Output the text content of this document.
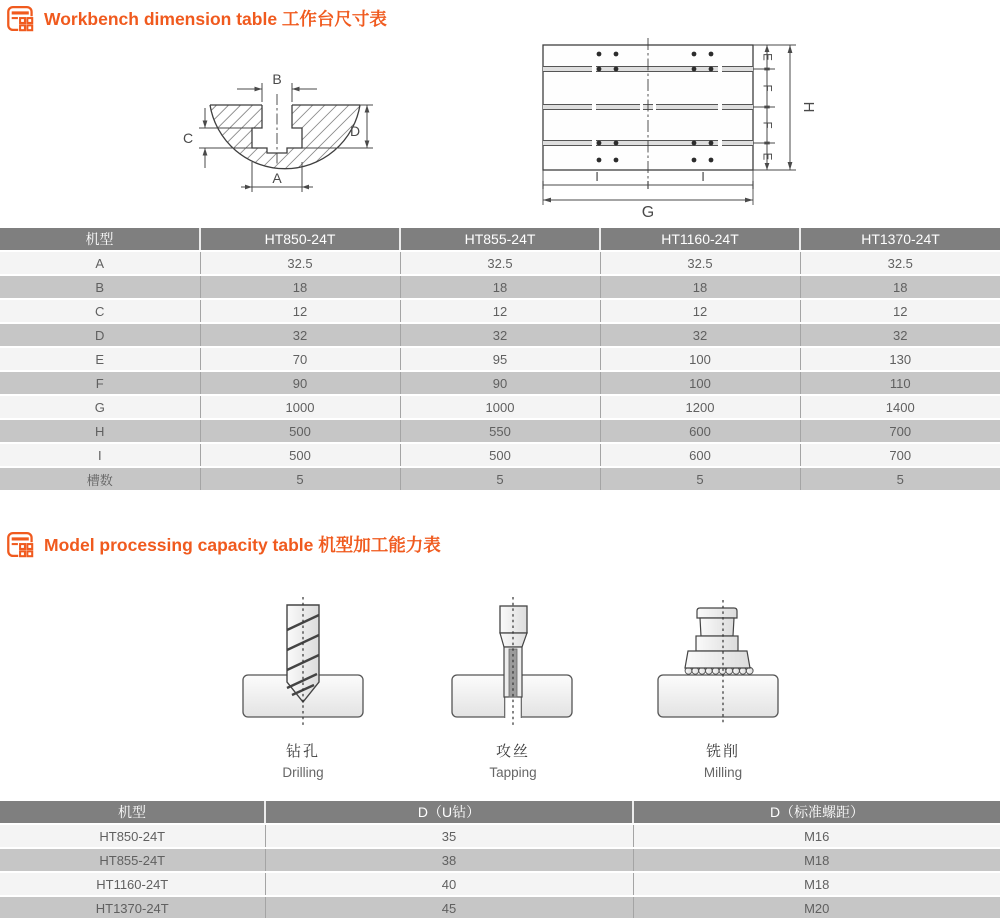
Workbench dimension table 工作台尺寸表
B
C	D
A
E
F
F
E
H
I	I
G
机型	HT850-24T	HT855-24T	HT1160-24T	HT1370-24T
A	32.5	32.5	32.5	32.5
B	18	18	18	18
C	12	12	12	12
D	32	32	32	32
E	70	95	100	130
F	90	90	100	110
G	1000	1000	1200	1400
H	500	550	600	700
I	500	500	600	700
槽数	5	5	5	5
Model processing capacity table 机型加工能力表
钻孔
Drilling
攻丝
Tapping
铣削
Milling
机型	D（U钻）	D（标准螺距）
HT850-24T	35	M16
HT855-24T	38	M18
HT1160-24T	40	M18
HT1370-24T	45	M20
